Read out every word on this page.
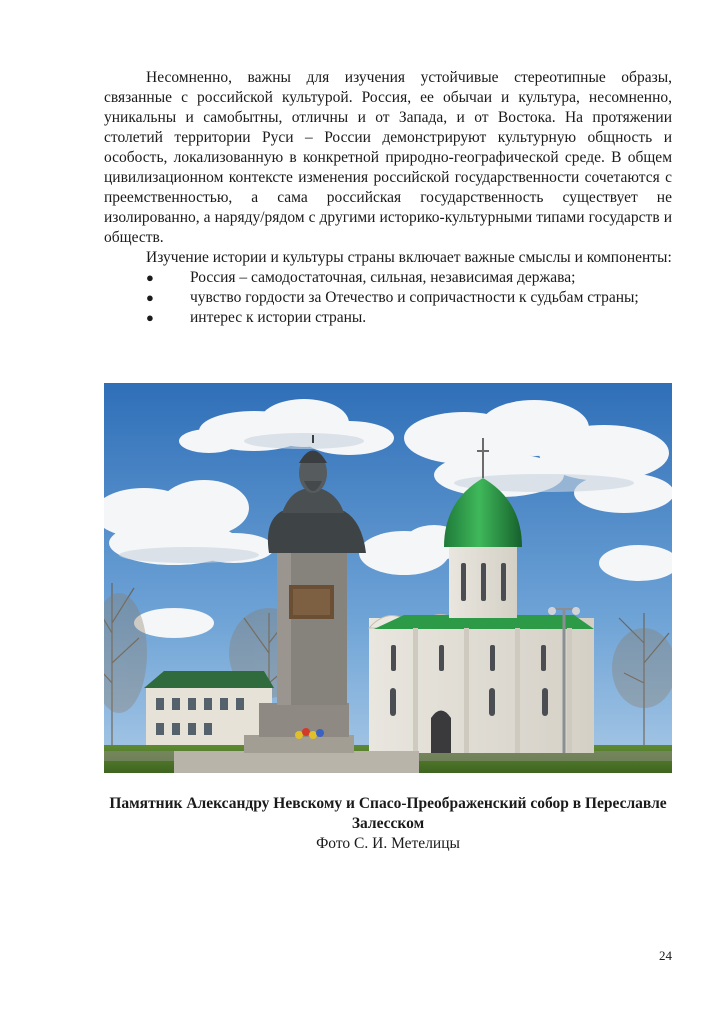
Несомненно, важны для изучения устойчивые стереотипные образы, связанные с российской культурой. Россия, ее обычаи и культура, несомненно, уникальны и самобытны, отличны и от Запада, и от Востока. На протяжении столетий территории Руси – России демонстрируют культурную общность и особость, локализованную в конкретной природно-географической среде. В общем цивилизационном контексте изменения российской государственности сочетаются с преемственностью, а сама российская государственность существует не изолированно, а наряду/рядом с другими историко-культурными типами государств и обществ.

Изучение истории и культуры страны включает важные смыслы и компоненты:

● Россия – самодостаточная, сильная, независимая держава;
● чувство гордости за Отечество и сопричастности к судьбам страны;
● интерес к истории страны.
Памятник Александру Невскому и Спасо-Преображенский собор в Переславле Залесском
Фото С. И. Метелицы
24
